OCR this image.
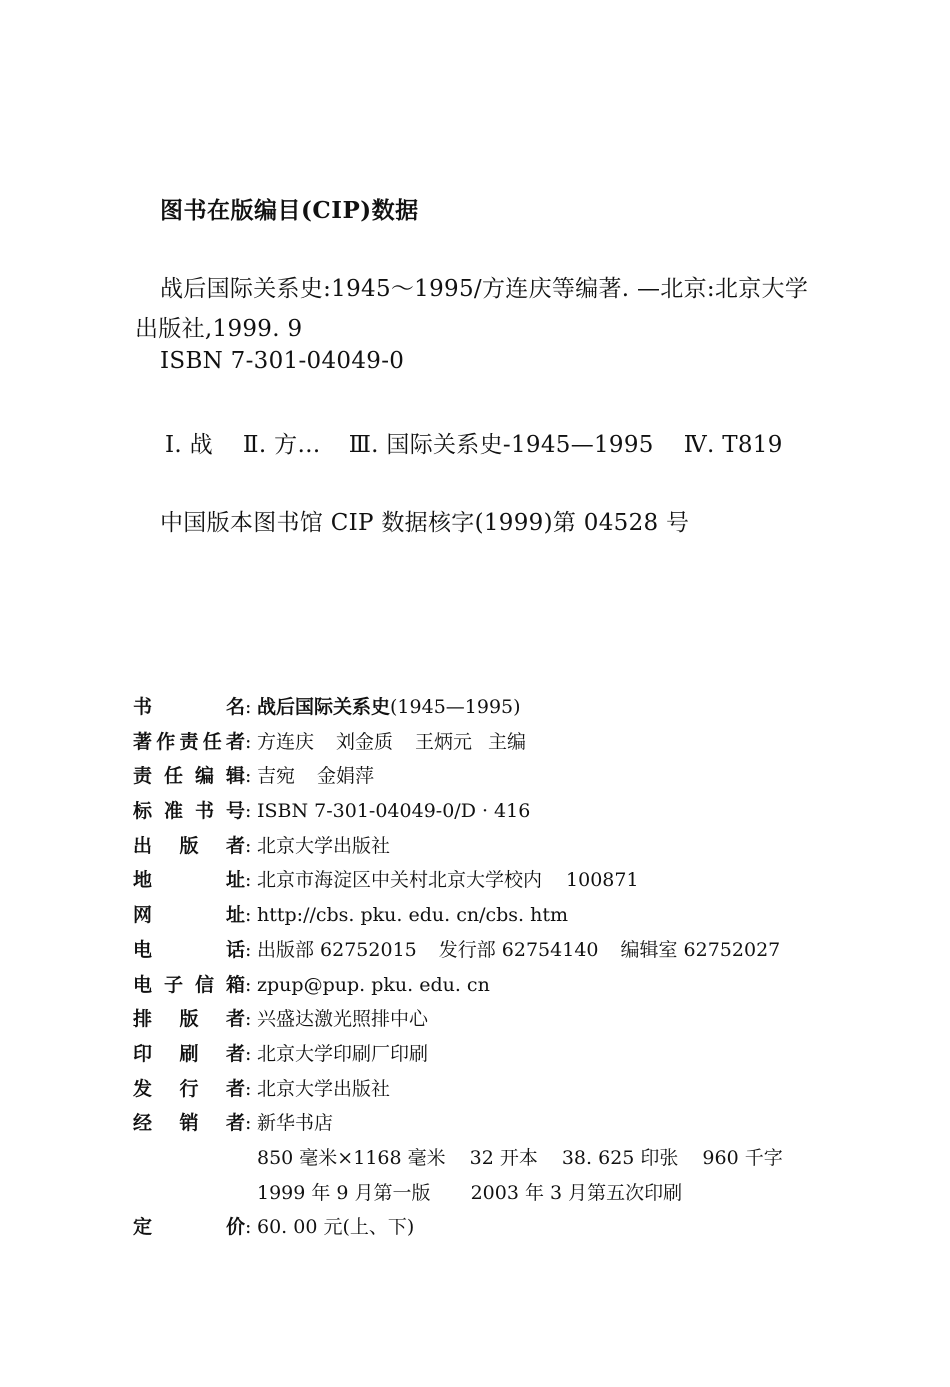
图书在版编目(CIP)数据
战后国际关系史:1945～1995/方连庆等编著. —北京:北京大学
出版社,1999. 9
ISBN 7-301-04049-0
Ⅰ. 战 Ⅱ. 方… Ⅲ. 国际关系史-1945—1995 Ⅳ. T819
中国版本图书馆 CIP 数据核字(1999)第 04528 号
书	名 : 战后国际关系史(1945—1995)
著 作 责 任 者 : 方连庆 刘金质 王炳元 主编
责 任 编 辑 : 吉宛 金娟萍
标 准 书 号 : ISBN 7-301-04049-0/D · 416
出 版 者 : 北京大学出版社
地	址 : 北京市海淀区中关村北京大学校内 100871
网	址 : http://cbs. pku. edu. cn/cbs. htm
电	话 : 出版部 62752015 发行部 62754140 编辑室 62752027
电 子 信 箱 : zpup@pup. pku. edu. cn
排 版 者 : 兴盛达激光照排中心
印 刷 者 : 北京大学印刷厂印刷
发 行 者 : 北京大学出版社
经 销 者 : 新华书店
850 毫米×1168 毫米 32 开本 38. 625 印张 960 千字
1999 年 9 月第一版 2003 年 3 月第五次印刷
定	价 : 60. 00 元(上、下)
